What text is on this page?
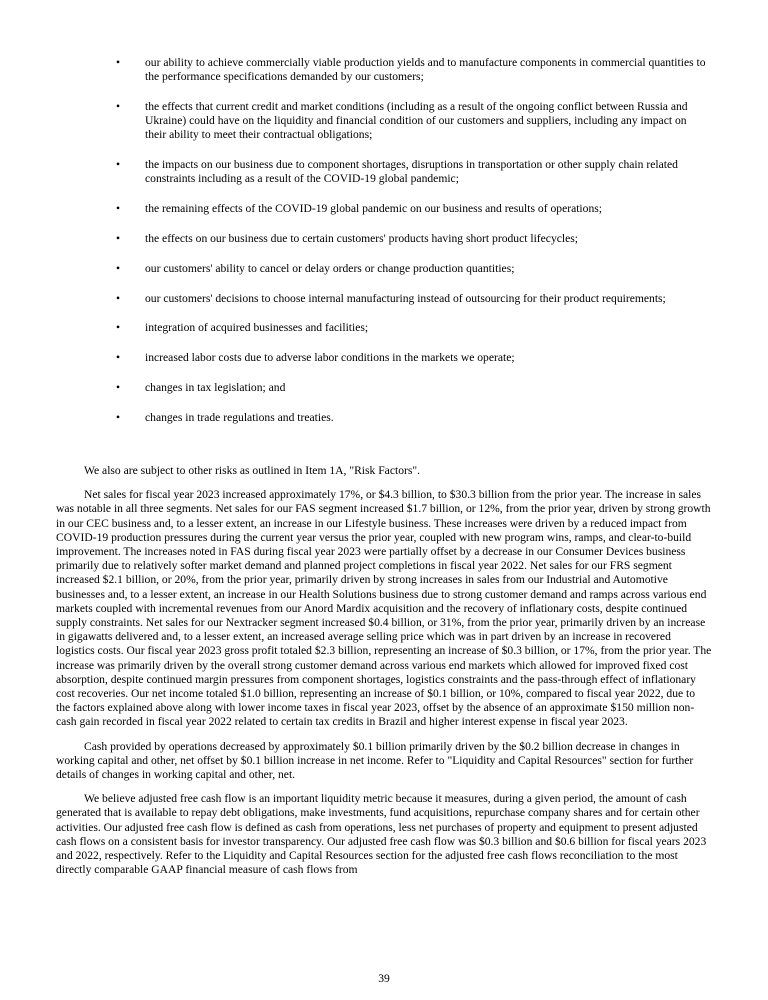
• our ability to achieve commercially viable production yields and to manufacture components in commercial quantities to the performance specifications demanded by our customers;
• the effects that current credit and market conditions (including as a result of the ongoing conflict between Russia and Ukraine) could have on the liquidity and financial condition of our customers and suppliers, including any impact on their ability to meet their contractual obligations;
• the impacts on our business due to component shortages, disruptions in transportation or other supply chain related constraints including as a result of the COVID-19 global pandemic;
• the remaining effects of the COVID-19 global pandemic on our business and results of operations;
• the effects on our business due to certain customers' products having short product lifecycles;
• our customers' ability to cancel or delay orders or change production quantities;
• our customers' decisions to choose internal manufacturing instead of outsourcing for their product requirements;
• integration of acquired businesses and facilities;
• increased labor costs due to adverse labor conditions in the markets we operate;
• changes in tax legislation; and
• changes in trade regulations and treaties.

We also are subject to other risks as outlined in Item 1A, "Risk Factors".

Net sales for fiscal year 2023 increased approximately 17%, or $4.3 billion, to $30.3 billion from the prior year. The increase in sales was notable in all three segments. Net sales for our FAS segment increased $1.7 billion, or 12%, from the prior year, driven by strong growth in our CEC business and, to a lesser extent, an increase in our Lifestyle business. These increases were driven by a reduced impact from COVID-19 production pressures during the current year versus the prior year, coupled with new program wins, ramps, and clear-to-build improvement. The increases noted in FAS during fiscal year 2023 were partially offset by a decrease in our Consumer Devices business primarily due to relatively softer market demand and planned project completions in fiscal year 2022. Net sales for our FRS segment increased $2.1 billion, or 20%, from the prior year, primarily driven by strong increases in sales from our Industrial and Automotive businesses and, to a lesser extent, an increase in our Health Solutions business due to strong customer demand and ramps across various end markets coupled with incremental revenues from our Anord Mardix acquisition and the recovery of inflationary costs, despite continued supply constraints. Net sales for our Nextracker segment increased $0.4 billion, or 31%, from the prior year, primarily driven by an increase in gigawatts delivered and, to a lesser extent, an increased average selling price which was in part driven by an increase in recovered logistics costs. Our fiscal year 2023 gross profit totaled $2.3 billion, representing an increase of $0.3 billion, or 17%, from the prior year. The increase was primarily driven by the overall strong customer demand across various end markets which allowed for improved fixed cost absorption, despite continued margin pressures from component shortages, logistics constraints and the pass-through effect of inflationary cost recoveries. Our net income totaled $1.0 billion, representing an increase of $0.1 billion, or 10%, compared to fiscal year 2022, due to the factors explained above along with lower income taxes in fiscal year 2023, offset by the absence of an approximate $150 million non-cash gain recorded in fiscal year 2022 related to certain tax credits in Brazil and higher interest expense in fiscal year 2023.

Cash provided by operations decreased by approximately $0.1 billion primarily driven by the $0.2 billion decrease in changes in working capital and other, net offset by $0.1 billion increase in net income. Refer to "Liquidity and Capital Resources" section for further details of changes in working capital and other, net.

We believe adjusted free cash flow is an important liquidity metric because it measures, during a given period, the amount of cash generated that is available to repay debt obligations, make investments, fund acquisitions, repurchase company shares and for certain other activities. Our adjusted free cash flow is defined as cash from operations, less net purchases of property and equipment to present adjusted cash flows on a consistent basis for investor transparency. Our adjusted free cash flow was $0.3 billion and $0.6 billion for fiscal years 2023 and 2022, respectively. Refer to the Liquidity and Capital Resources section for the adjusted free cash flows reconciliation to the most directly comparable GAAP financial measure of cash flows from

39
